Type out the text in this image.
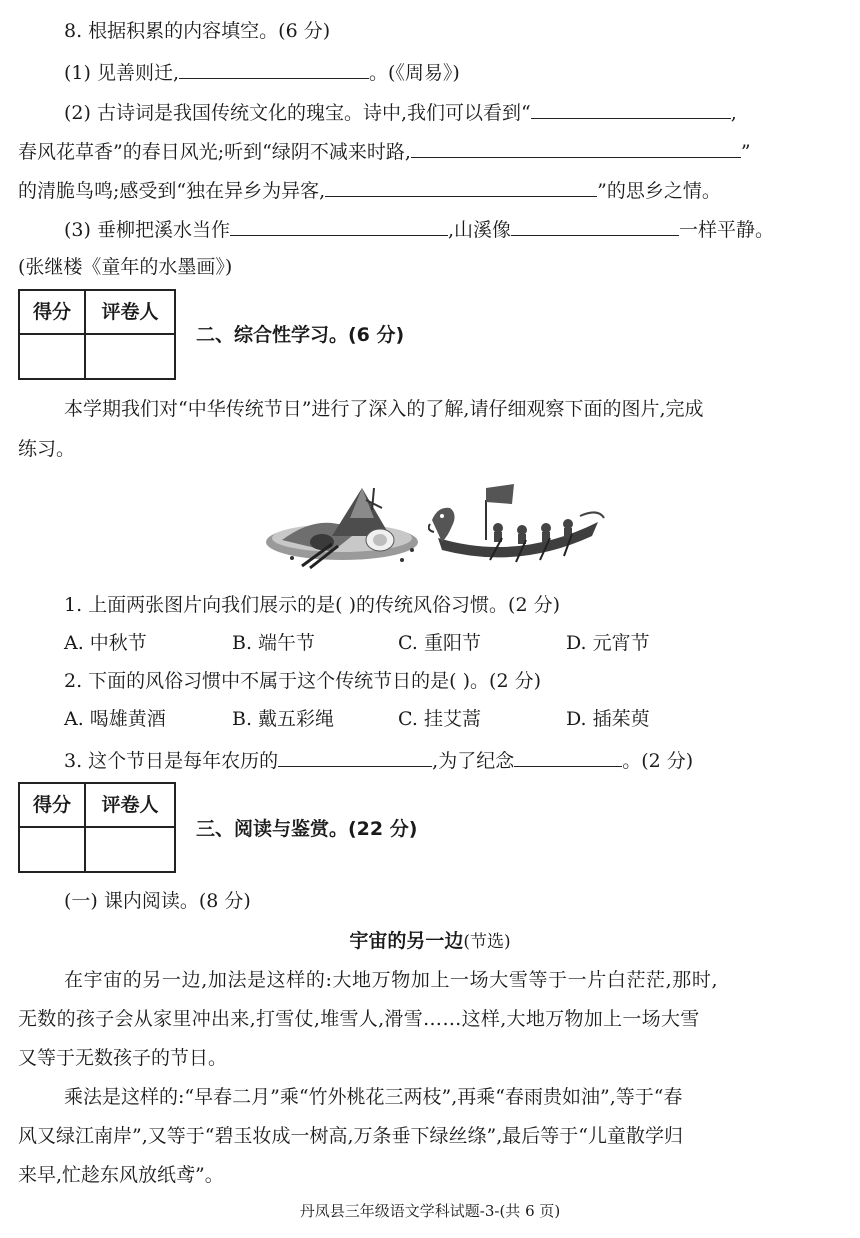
8. 根据积累的内容填空。(6 分)
(1) 见善则迁,	。(《周易》)
(2) 古诗词是我国传统文化的瑰宝。诗中,我们可以看到“	,
春风花草香”的春日风光;听到“绿阴不减来时路,	”
的清脆鸟鸣;感受到“独在异乡为异客,	”的思乡之情。
(3) 垂柳把溪水当作	,山溪像	一样平静。
(张继楼《童年的水墨画》)
得分	评卷人
二、综合性学习。(6 分)
本学期我们对“中华传统节日”进行了深入的了解,请仔细观察下面的图片,完成
练习。
1. 上面两张图片向我们展示的是( )的传统风俗习惯。(2 分)
A. 中秋节	B. 端午节	C. 重阳节	D. 元宵节
2. 下面的风俗习惯中不属于这个传统节日的是( )。(2 分)
A. 喝雄黄酒	B. 戴五彩绳	C. 挂艾蒿	D. 插茱萸
3. 这个节日是每年农历的	,为了纪念	。(2 分)
得分	评卷人
三、阅读与鉴赏。(22 分)
(一) 课内阅读。(8 分)
宇宙的另一边(节选)
在宇宙的另一边,加法是这样的:大地万物加上一场大雪等于一片白茫茫,那时,
无数的孩子会从家里冲出来,打雪仗,堆雪人,滑雪……这样,大地万物加上一场大雪
又等于无数孩子的节日。
乘法是这样的:“早春二月”乘“竹外桃花三两枝”,再乘“春雨贵如油”,等于“春
风又绿江南岸”,又等于“碧玉妆成一树高,万条垂下绿丝绦”,最后等于“儿童散学归
来早,忙趁东风放纸鸢”。
丹凤县三年级语文学科试题-3-(共 6 页)
